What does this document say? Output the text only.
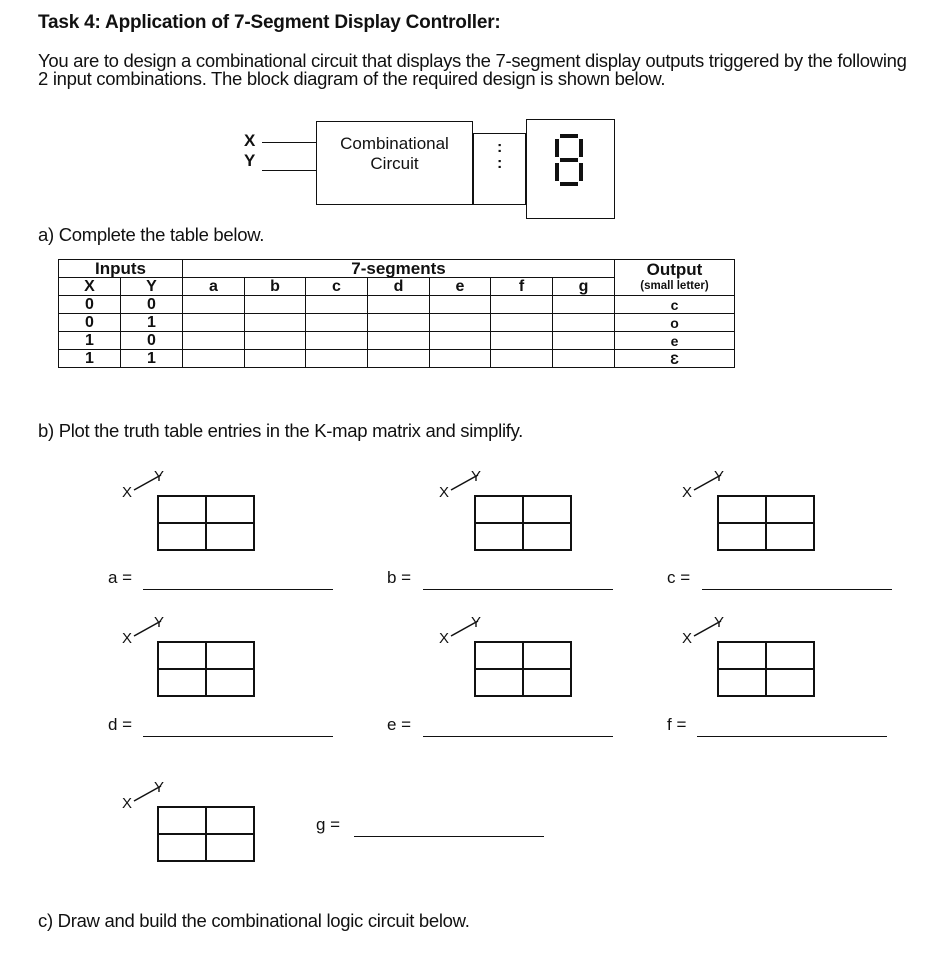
Task 4: Application of 7-Segment Display Controller:
You are to design a combinational circuit that displays the 7-segment display outputs triggered by the following 2 input combinations. The block diagram of the required design is shown below.
X
Y
Combinational
Circuit
:
:
a) Complete the table below.
Inputs		7-segments							Output
(small letter)

X	Y	a	b	c	d	e	f	g	
0	0								c
0	1								o
1	0								e
1	1								Ɛ
b) Plot the truth table entries in the K-map matrix and simplify.
Y
X
Y
X
Y
X
Y
X
Y
X
Y
X
Y
X
a =	b =	c =
d =	e =	f =
g =
c) Draw and build the combinational logic circuit below.
